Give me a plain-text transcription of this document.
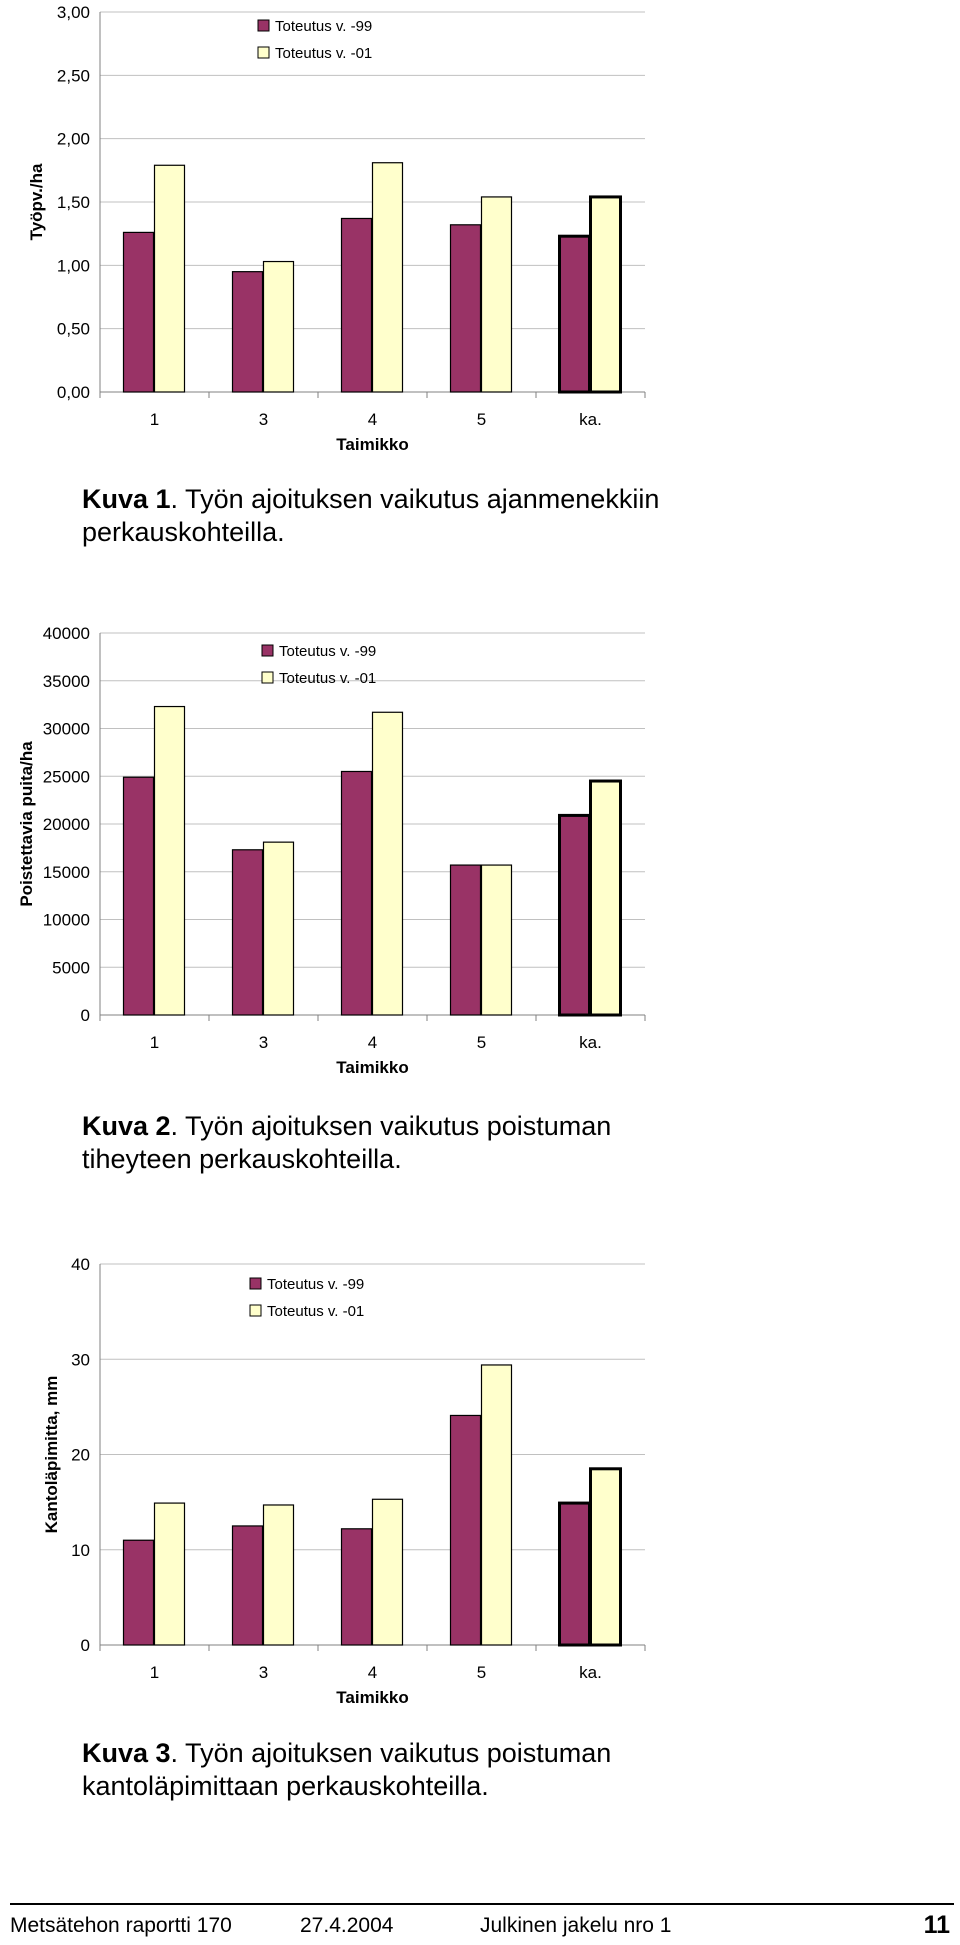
0,00
0,50
1,00
1,50
2,00
2,50
3,00
1	3	4	5	ka.
Taimikko
Työpv./ha
Toteutus v. -99
Toteutus v. -01
Kuva 1. Työn ajoituksen vaikutus ajanmenekkiin perkauskohteilla.
0
5000
10000
15000
20000
25000
30000
35000
40000
1	3	4	5	ka.
Taimikko
Poistettavia puita/ha
Toteutus v. -99
Toteutus v. -01
Kuva 2. Työn ajoituksen vaikutus poistuman tiheyteen perkauskohteilla.
0
10
20
30
40
1	3	4	5	ka.
Taimikko
Kantoläpimitta, mm
Toteutus v. -99
Toteutus v. -01
Kuva 3. Työn ajoituksen vaikutus poistuman kantoläpimittaan perkauskohteilla.
Metsätehon raportti 170	27.4.2004	Julkinen jakelu nro 1	11
